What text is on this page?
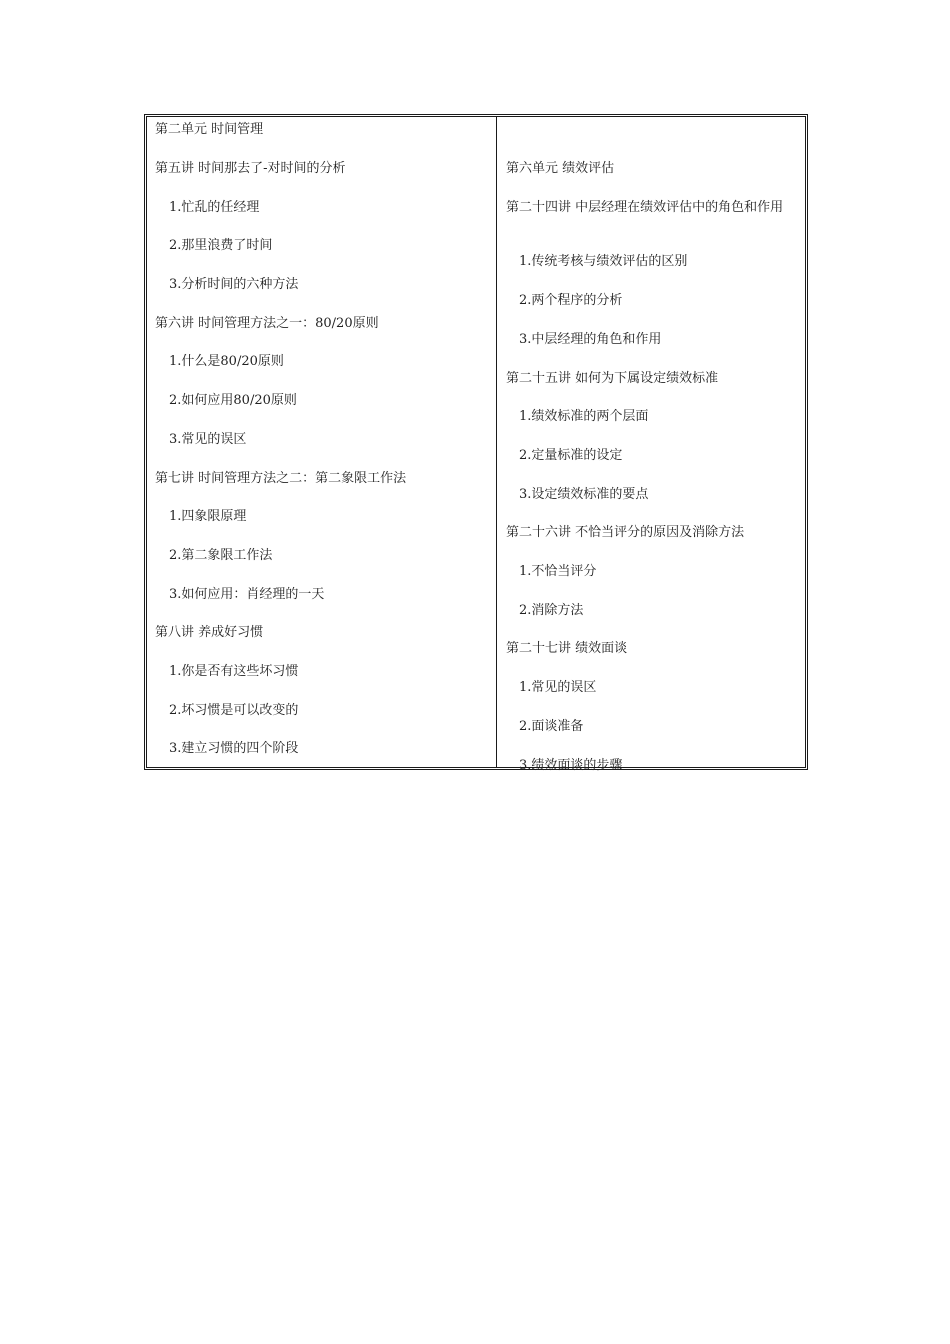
第二单元 时间管理
第五讲 时间那去了-对时间的分析
1.忙乱的任经理
2.那里浪费了时间
3.分析时间的六种方法
第六讲 时间管理方法之一：80/20原则
1.什么是80/20原则
2.如何应用80/20原则
3.常见的误区
第七讲 时间管理方法之二：第二象限工作法
1.四象限原理
2.第二象限工作法
3.如何应用：肖经理的一天
第八讲 养成好习惯
1.你是否有这些坏习惯
2.坏习惯是可以改变的
3.建立习惯的四个阶段
第六单元 绩效评估
第二十四讲 中层经理在绩效评估中的角色和作用
1.传统考核与绩效评估的区别
2.两个程序的分析
3.中层经理的角色和作用
第二十五讲 如何为下属设定绩效标准
1.绩效标准的两个层面
2.定量标准的设定
3.设定绩效标准的要点
第二十六讲 不恰当评分的原因及消除方法
1.不恰当评分
2.消除方法
第二十七讲 绩效面谈
1.常见的误区
2.面谈准备
3.绩效面谈的步骤
